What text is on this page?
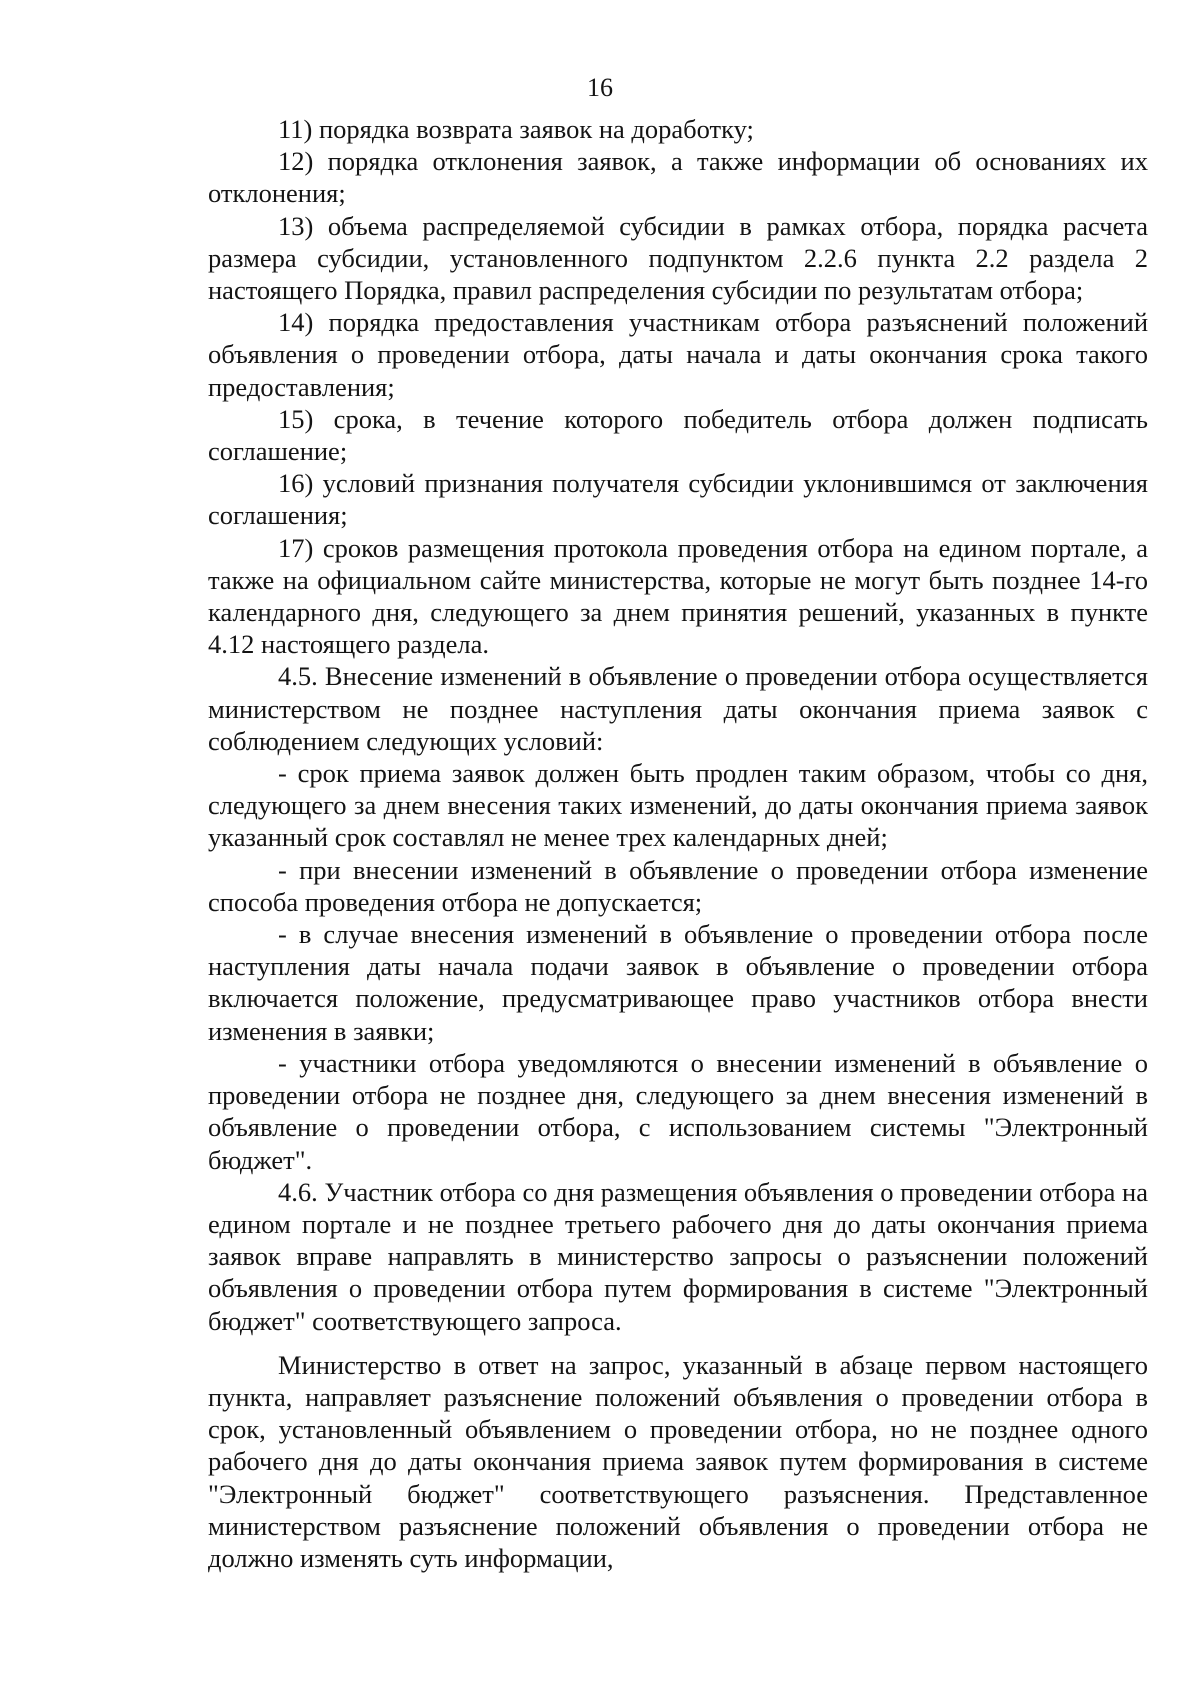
16

11) порядка возврата заявок на доработку;

12) порядка отклонения заявок, а также информации об основаниях их отклонения;

13) объема распределяемой субсидии в рамках отбора, порядка расчета размера субсидии, установленного подпунктом 2.2.6 пункта 2.2 раздела 2 настоящего Порядка, правил распределения субсидии по результатам отбора;

14) порядка предоставления участникам отбора разъяснений положений объявления о проведении отбора, даты начала и даты окончания срока такого предоставления;

15) срока, в течение которого победитель отбора должен подписать соглашение;

16) условий признания получателя субсидии уклонившимся от заключения соглашения;

17) сроков размещения протокола проведения отбора на едином портале, а также на официальном сайте министерства, которые не могут быть позднее 14-го календарного дня, следующего за днем принятия решений, указанных в пункте 4.12 настоящего раздела.

4.5. Внесение изменений в объявление о проведении отбора осуществляется министерством не позднее наступления даты окончания приема заявок с соблюдением следующих условий:

- срок приема заявок должен быть продлен таким образом, чтобы со дня, следующего за днем внесения таких изменений, до даты окончания приема заявок указанный срок составлял не менее трех календарных дней;

- при внесении изменений в объявление о проведении отбора изменение способа проведения отбора не допускается;

- в случае внесения изменений в объявление о проведении отбора после наступления даты начала подачи заявок в объявление о проведении отбора включается положение, предусматривающее право участников отбора внести изменения в заявки;

- участники отбора уведомляются о внесении изменений в объявление о проведении отбора не позднее дня, следующего за днем внесения изменений в объявление о проведении отбора, с использованием системы "Электронный бюджет".

4.6. Участник отбора со дня размещения объявления о проведении отбора на едином портале и не позднее третьего рабочего дня до даты окончания приема заявок вправе направлять в министерство запросы о разъяснении положений объявления о проведении отбора путем формирования в системе "Электронный бюджет" соответствующего запроса.

Министерство в ответ на запрос, указанный в абзаце первом настоящего пункта, направляет разъяснение положений объявления о проведении отбора в срок, установленный объявлением о проведении отбора, но не позднее одного рабочего дня до даты окончания приема заявок путем формирования в системе "Электронный бюджет" соответствующего разъяснения. Представленное министерством разъяснение положений объявления о проведении отбора не должно изменять суть информации,
